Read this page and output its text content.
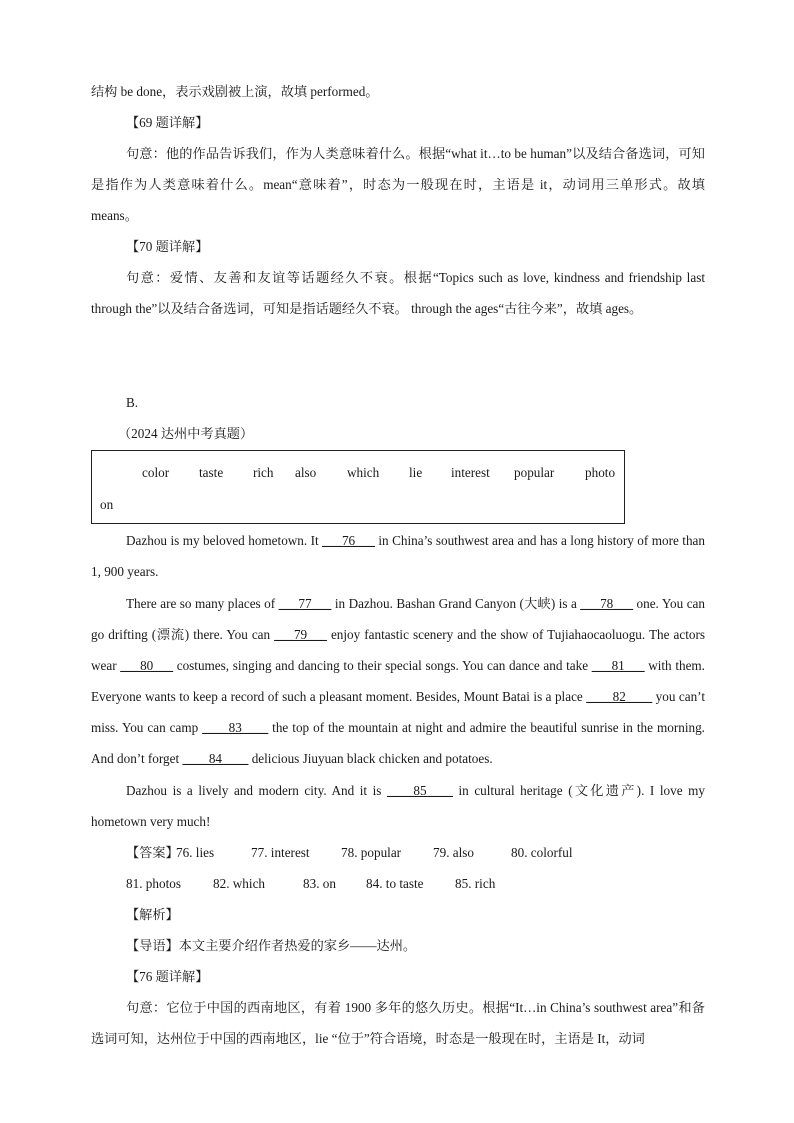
结构 be done，表示戏剧被上演，故填 performed。

【69 题详解】

句意：他的作品告诉我们，作为人类意味着什么。根据“what it…to be human”以及结合备选词，可知是指作为人类意味着什么。mean“意味着”，时态为一般现在时，主语是 it，动词用三单形式。故填 means。

【70 题详解】

句意：爱情、友善和友谊等话题经久不衰。根据“Topics such as love, kindness and friendship last through the”以及结合备选词，可知是指话题经久不衰。 through the ages“古往今来”，故填 ages。

B.

（2024 达州中考真题）

color taste rich also which lie interest popular photo
on

Dazhou is my beloved hometown. It ___76___ in China’s southwest area and has a long history of more than 1, 900 years.

There are so many places of ___77___ in Dazhou. Bashan Grand Canyon (大峡) is a ___78___ one. You can go drifting (漂流) there. You can ___79___ enjoy fantastic scenery and the show of Tujiahaocaoluogu. The actors wear ___80___ costumes, singing and dancing to their special songs. You can dance and take ___81___ with them. Everyone wants to keep a record of such a pleasant moment. Besides, Mount Batai is a place ____82____ you can’t miss. You can camp ____83____ the top of the mountain at night and admire the beautiful sunrise in the morning. And don’t forget ____84____ delicious Jiuyuan black chicken and potatoes.

Dazhou is a lively and modern city. And it is ____85____ in cultural heritage (文化遗产). I love my hometown very much!

【答案】
76. lies	77. interest 78. popular 79. also	80. colorful
81. photos 82. which	83. on 84. to taste 85. rich

【解析】

【导语】本文主要介绍作者热爱的家乡——达州。

【76 题详解】

句意：它位于中国的西南地区，有着 1900 多年的悠久历史。根据“It…in China’s southwest area”和备选词可知，达州位于中国的西南地区，lie “位于”符合语境，时态是一般现在时，主语是 It，动词
